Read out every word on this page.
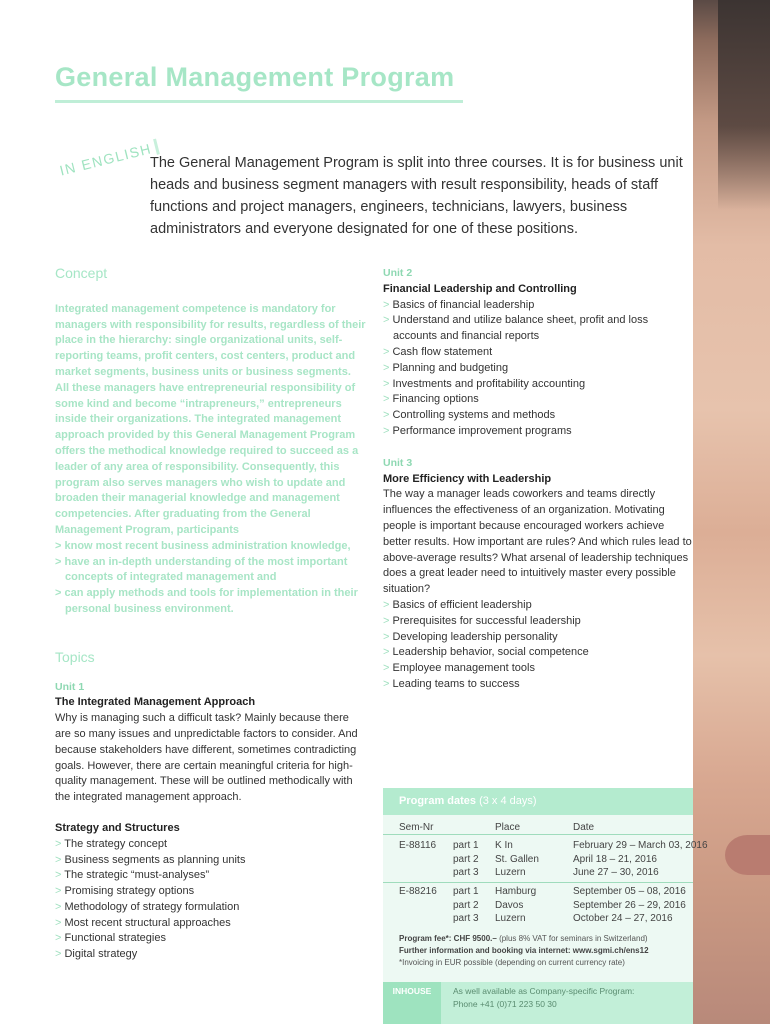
General Management Program
IN ENGLISH

The General Management Program is split into three courses. It is for business unit heads and business segment managers with result responsibility, heads of staff functions and project managers, engineers, technicians, lawyers, business administrators and everyone designated for one of these positions.

Concept

Integrated management competence is mandatory for managers with responsibility for results, regardless of their place in the hierarchy: single organizational units, self-reporting teams, profit centers, cost centers, product and market segments, business units or business segments. All these managers have entrepreneurial responsibility of some kind and become “intrapreneurs,” entrepreneurs inside their organizations. The integrated management approach provided by this General Management Program offers the methodical knowledge required to succeed as a leader of any area of responsibility. Consequently, this program also serves managers who wish to update and broaden their managerial knowledge and management competencies. After graduating from the General Management Program, participants

> know most recent business administration knowledge,

> have an in-depth understanding of the most important concepts of integrated management and

> can apply methods and tools for implementation in their personal business environment.

Topics

Unit 1

The Integrated Management Approach

Why is managing such a difficult task? Mainly because there are so many issues and unpredictable factors to consider. And because stakeholders have different, sometimes contradicting goals. However, there are certain meaningful criteria for high-quality management. These will be outlined methodically with the integrated management approach.

Strategy and Structures

> The strategy concept
> Business segments as planning units
> The strategic “must-analyses”
> Promising strategy options
> Methodology of strategy formulation
> Most recent structural approaches
> Functional strategies
> Digital strategy

Unit 2

Financial Leadership and Controlling

> Basics of financial leadership
> Understand and utilize balance sheet, profit and loss accounts and financial reports
> Cash flow statement
> Planning and budgeting
> Investments and profitability accounting
> Financing options
> Controlling systems and methods
> Performance improvement programs

Unit 3

More Efficiency with Leadership

The way a manager leads coworkers and teams directly influences the effectiveness of an organization. Motivating people is important because encouraged workers achieve better results. How important are rules? And which rules lead to above-average results? What arsenal of leadership techniques does a great leader need to intuitively master every possible situation?

> Basics of efficient leadership
> Prerequisites for successful leadership
> Developing leadership personality
> Leadership behavior, social competence
> Employee management tools
> Leading teams to success
Program dates (3 x 4 days)
Sem-Nr	Place	Date
E-88116 part 1 K In	February 29 – March 03, 2016
part 2 St. Gallen	April 18 – 21, 2016
part 3 Luzern	June 27 – 30, 2016
E-88216 part 1 Hamburg	September 05 – 08, 2016
part 2 Davos	September 26 – 29, 2016
part 3 Luzern	October 24 – 27, 2016
Program fee*: CHF 9500.– (plus 8% VAT for seminars in Switzerland)
Further information and booking via internet: www.sgmi.ch/ens12
*Invoicing in EUR possible (depending on current currency rate)
INHOUSE	As well available as Company-specific Program:
Phone +41 (0)71 223 50 30
